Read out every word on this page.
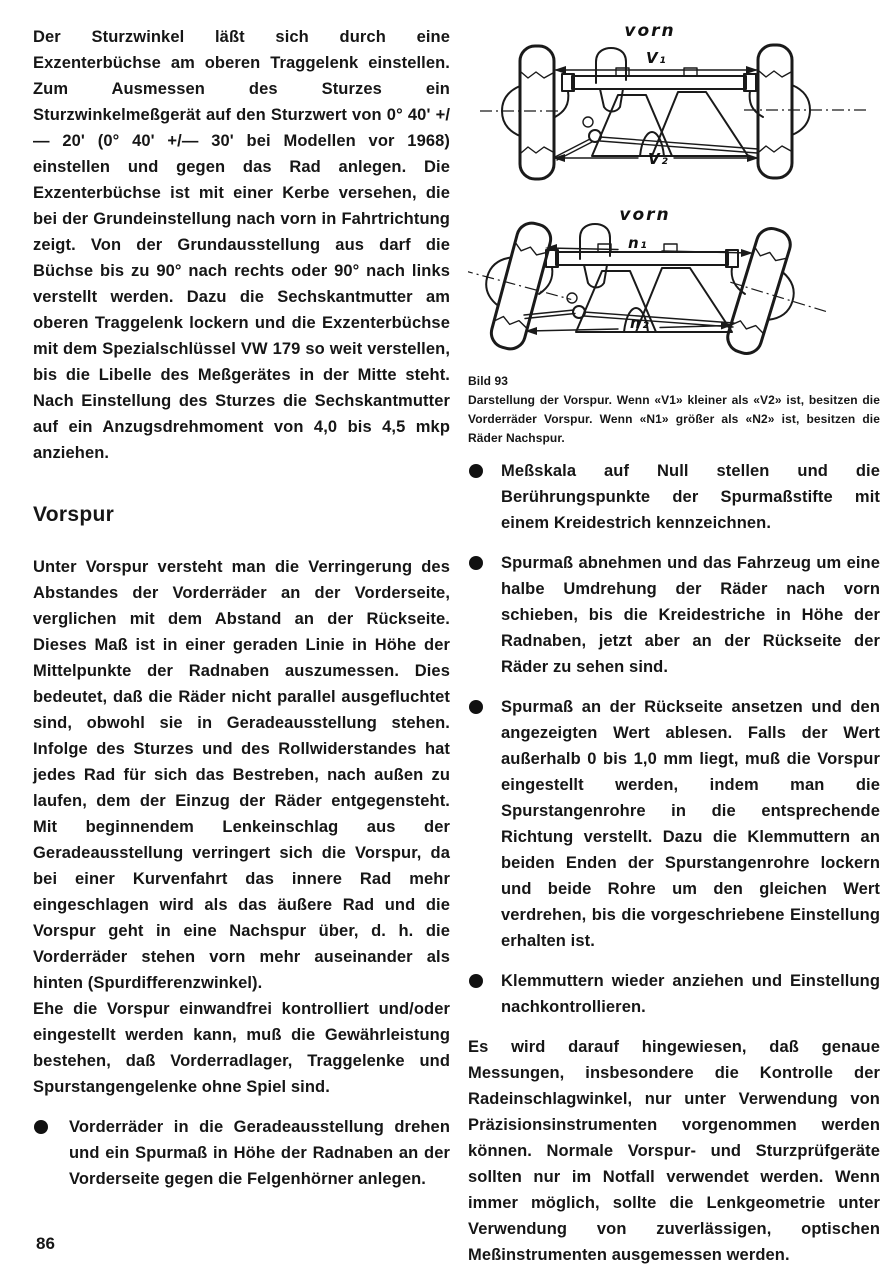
Der Sturzwinkel läßt sich durch eine Exzenterbüchse am oberen Traggelenk einstellen. Zum Ausmessen des Sturzes ein Sturzwinkelmeßgerät auf den Sturzwert von 0° 40' +/— 20' (0° 40' +/— 30' bei Modellen vor 1968) einstellen und gegen das Rad anlegen. Die Exzenterbüchse ist mit einer Kerbe versehen, die bei der Grundeinstellung nach vorn in Fahrtrichtung zeigt. Von der Grundausstellung aus darf die Büchse bis zu 90° nach rechts oder 90° nach links verstellt werden. Dazu die Sechskantmutter am oberen Traggelenk lockern und die Exzenterbüchse mit dem Spezialschlüssel VW 179 so weit verstellen, bis die Libelle des Meßgerätes in der Mitte steht. Nach Einstellung des Sturzes die Sechskantmutter auf ein Anzugsdrehmoment von 4,0 bis 4,5 mkp anziehen.

Vorspur

Unter Vorspur versteht man die Verringerung des Abstandes der Vorderräder an der Vorderseite, verglichen mit dem Abstand an der Rückseite. Dieses Maß ist in einer geraden Linie in Höhe der Mittelpunkte der Radnaben auszumessen. Dies bedeutet, daß die Räder nicht parallel ausgefluchtet sind, obwohl sie in Geradeausstellung stehen. Infolge des Sturzes und des Rollwiderstandes hat jedes Rad für sich das Bestreben, nach außen zu laufen, dem der Einzug der Räder entgegensteht. Mit beginnendem Lenkeinschlag aus der Geradeausstellung verringert sich die Vorspur, da bei einer Kurvenfahrt das innere Rad mehr eingeschlagen wird als das äußere Rad und die Vorspur geht in eine Nachspur über, d. h. die Vorderräder stehen vorn mehr auseinander als hinten (Spurdifferenzwinkel).

Ehe die Vorspur einwandfrei kontrolliert und/oder eingestellt werden kann, muß die Gewährleistung bestehen, daß Vorderradlager, Traggelenke und Spurstangengelenke ohne Spiel sind.

Vorderräder in die Geradeausstellung drehen und ein Spurmaß in Höhe der Radnaben an der Vorderseite gegen die Felgenhörner anlegen.
vorn
V₁
V₂
vorn
n₁
n₂
Bild 93
Darstellung der Vorspur. Wenn «V1» kleiner als «V2» ist, besitzen die Vorderräder Vorspur. Wenn «N1» größer als «N2» ist, besitzen die Räder Nachspur.
Meßskala auf Null stellen und die Berührungspunkte der Spurmaßstifte mit einem Kreidestrich kennzeichnen.
Spurmaß abnehmen und das Fahrzeug um eine halbe Umdrehung der Räder nach vorn schieben, bis die Kreidestriche in Höhe der Radnaben, jetzt aber an der Rückseite der Räder zu sehen sind.
Spurmaß an der Rückseite ansetzen und den angezeigten Wert ablesen. Falls der Wert außerhalb 0 bis 1,0 mm liegt, muß die Vorspur eingestellt werden, indem man die Spurstangenrohre in die entsprechende Richtung verstellt. Dazu die Klemmuttern an beiden Enden der Spurstangenrohre lockern und beide Rohre um den gleichen Wert verdrehen, bis die vorgeschriebene Einstellung erhalten ist.
Klemmuttern wieder anziehen und Einstellung nachkontrollieren.

Es wird darauf hingewiesen, daß genaue Messungen, insbesondere die Kontrolle der Radeinschlagwinkel, nur unter Verwendung von Präzisionsinstrumenten vorgenommen werden können. Normale Vorspur- und Sturzprüfgeräte sollten nur im Notfall verwendet werden. Wenn immer möglich, sollte die Lenkgeometrie unter Verwendung von zuverlässigen, optischen Meßinstrumenten ausgemessen werden.

86
